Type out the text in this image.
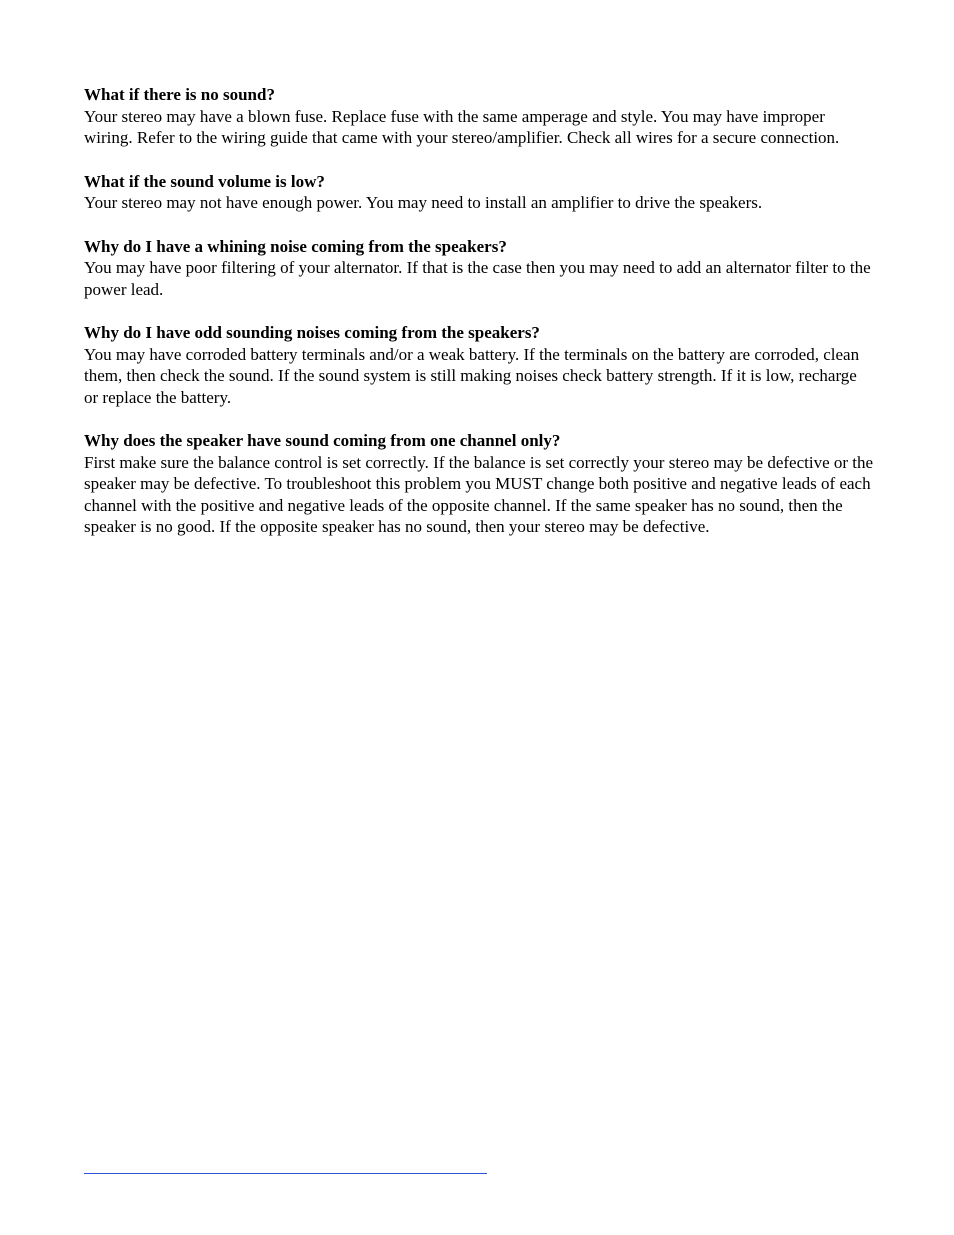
What if there is no sound?

Your stereo may have a blown fuse. Replace fuse with the same amperage and style. You may have improper wiring. Refer to the wiring guide that came with your stereo/amplifier. Check all wires for a secure connection.

What if the sound volume is low?

Your stereo may not have enough power. You may need to install an amplifier to drive the speakers.

Why do I have a whining noise coming from the speakers?

You may have poor filtering of your alternator. If that is the case then you may need to add an alternator filter to the power lead.

Why do I have odd sounding noises coming from the speakers?

You may have corroded battery terminals and/or a weak battery. If the terminals on the battery are corroded, clean them, then check the sound. If the sound system is still making noises check battery strength. If it is low, recharge or replace the battery.

Why does the speaker have sound coming from one channel only?

First make sure the balance control is set correctly. If the balance is set correctly your stereo may be defective or the speaker may be defective. To troubleshoot this problem you MUST change both positive and negative leads of each channel with the positive and negative leads of the opposite channel. If the same speaker has no sound, then the speaker is no good. If the opposite speaker has no sound, then your stereo may be defective.
